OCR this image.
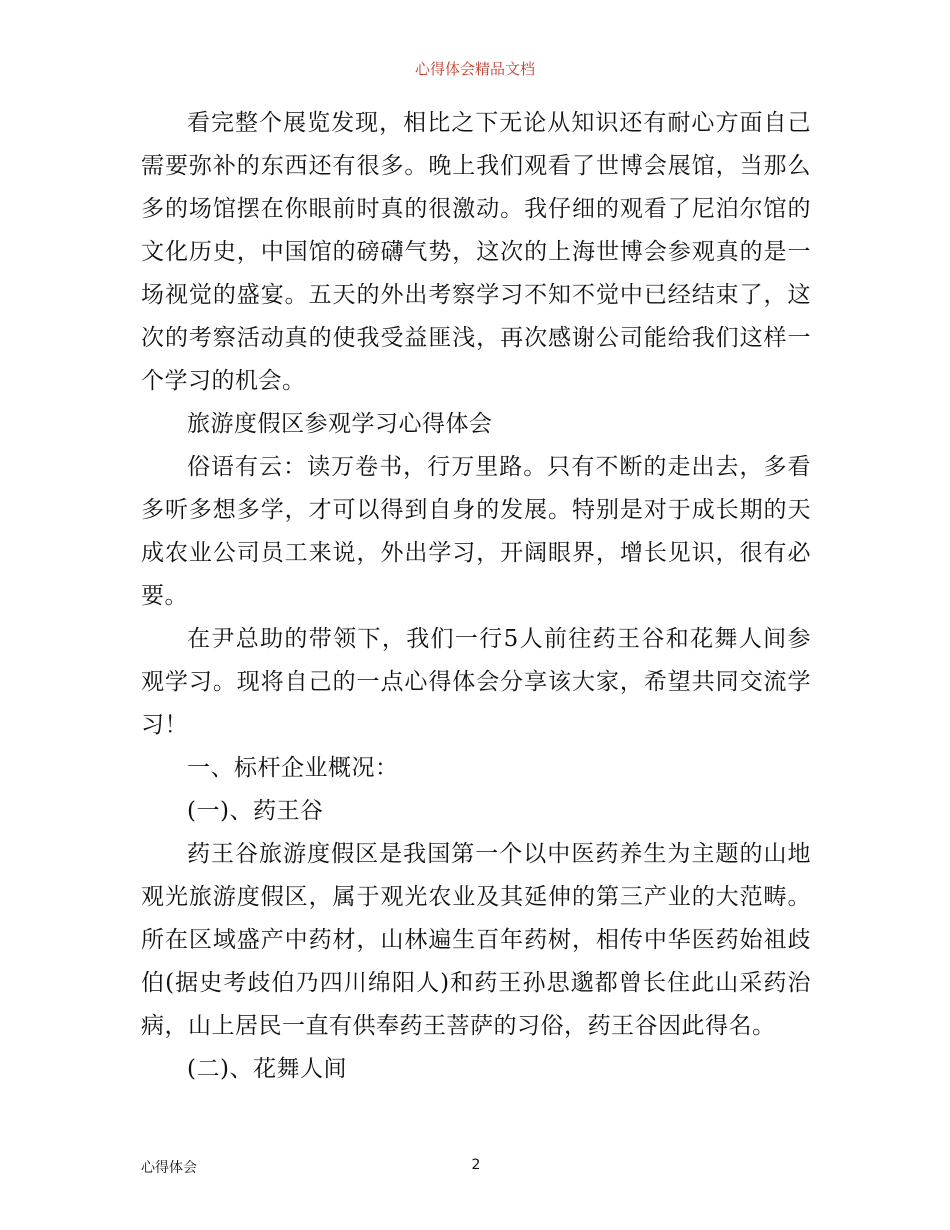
心得体会精品文档

看完整个展览发现，相比之下无论从知识还有耐心方面自己需要弥补的东西还有很多。晚上我们观看了世博会展馆，当那么多的场馆摆在你眼前时真的很激动。我仔细的观看了尼泊尔馆的文化历史，中国馆的磅礴气势，这次的上海世博会参观真的是一场视觉的盛宴。五天的外出考察学习不知不觉中已经结束了，这次的考察活动真的使我受益匪浅，再次感谢公司能给我们这样一个学习的机会。

旅游度假区参观学习心得体会

俗语有云：读万卷书，行万里路。只有不断的走出去，多看多听多想多学，才可以得到自身的发展。特别是对于成长期的天成农业公司员工来说，外出学习，开阔眼界，增长见识，很有必要。

在尹总助的带领下，我们一行5人前往药王谷和花舞人间参观学习。现将自己的一点心得体会分享该大家，希望共同交流学习！

一、标杆企业概况：

(一)、药王谷

药王谷旅游度假区是我国第一个以中医药养生为主题的山地观光旅游度假区，属于观光农业及其延伸的第三产业的大范畴。所在区域盛产中药材，山林遍生百年药树，相传中华医药始祖歧伯(据史考歧伯乃四川绵阳人)和药王孙思邈都曾长住此山采药治病，山上居民一直有供奉药王菩萨的习俗，药王谷因此得名。

(二)、花舞人间

心得体会	2
